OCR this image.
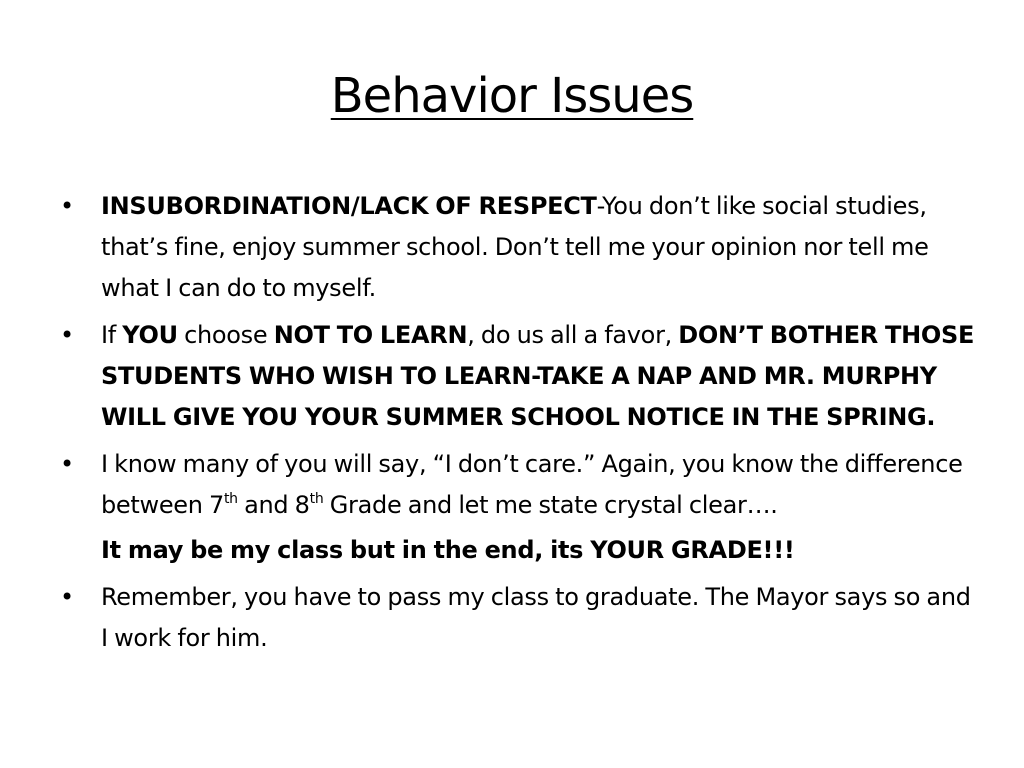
Behavior Issues
• INSUBORDINATION/LACK OF RESPECT-You don’t like social studies, that’s fine, enjoy summer school. Don’t tell me your opinion nor tell me what I can do to myself.
• If YOU choose NOT TO LEARN, do us all a favor, DON’T BOTHER THOSE STUDENTS WHO WISH TO LEARN-TAKE A NAP AND MR. MURPHY WILL GIVE YOU YOUR SUMMER SCHOOL NOTICE IN THE SPRING.
• I know many of you will say, “I don’t care.” Again, you know the difference between 7th and 8th Grade and let me state crystal clear….
It may be my class but in the end, its YOUR GRADE!!!
• Remember, you have to pass my class to graduate. The Mayor says so and I work for him.
